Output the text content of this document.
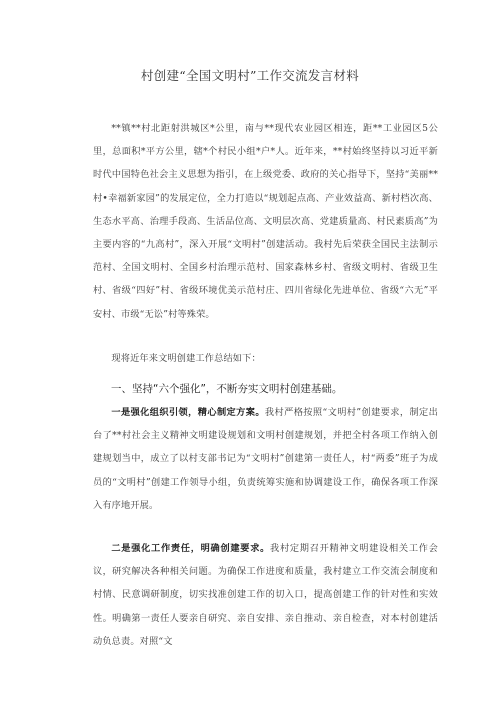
村创建“全国文明村”工作交流发言材料
**镇**村北距射洪城区*公里，南与**现代农业园区相连，距**工业园区5公里，总面积*平方公里，辖*个村民小组*户*人。近年来，**村始终坚持以习近平新时代中国特色社会主义思想为指引，在上级党委、政府的关心指导下，坚持“美丽**村•幸福新家园”的发展定位，全力打造以“规划起点高、产业效益高、新村档次高、生态水平高、治理手段高、生活品位高、文明层次高、党建质量高、村民素质高”为主要内容的“九高村”，深入开展“文明村”创建活动。我村先后荣获全国民主法制示范村、全国文明村、全国乡村治理示范村、国家森林乡村、省级文明村、省级卫生村、省级“四好”村、省级环境优美示范村庄、四川省绿化先进单位、省级“六无”平安村、市级“无讼”村等殊荣。
现将近年来文明创建工作总结如下：
一、坚持“六个强化”，不断夯实文明村创建基础。
一是强化组织引领，精心制定方案。我村严格按照“文明村”创建要求，制定出台了**村社会主义精神文明建设规划和文明村创建规划，并把全村各项工作纳入创建规划当中，成立了以村支部书记为“文明村”创建第一责任人，村“两委”班子为成员的“文明村”创建工作领导小组，负责统筹实施和协调建设工作，确保各项工作深入有序地开展。
二是强化工作责任，明确创建要求。我村定期召开精神文明建设相关工作会议，研究解决各种相关问题。为确保工作进度和质量，我村建立工作交流会制度和村情、民意调研制度，切实找准创建工作的切入口，提高创建工作的针对性和实效性。明确第一责任人要亲自研究、亲自安排、亲自推动、亲自检查，对本村创建活动负总责。对照“文
